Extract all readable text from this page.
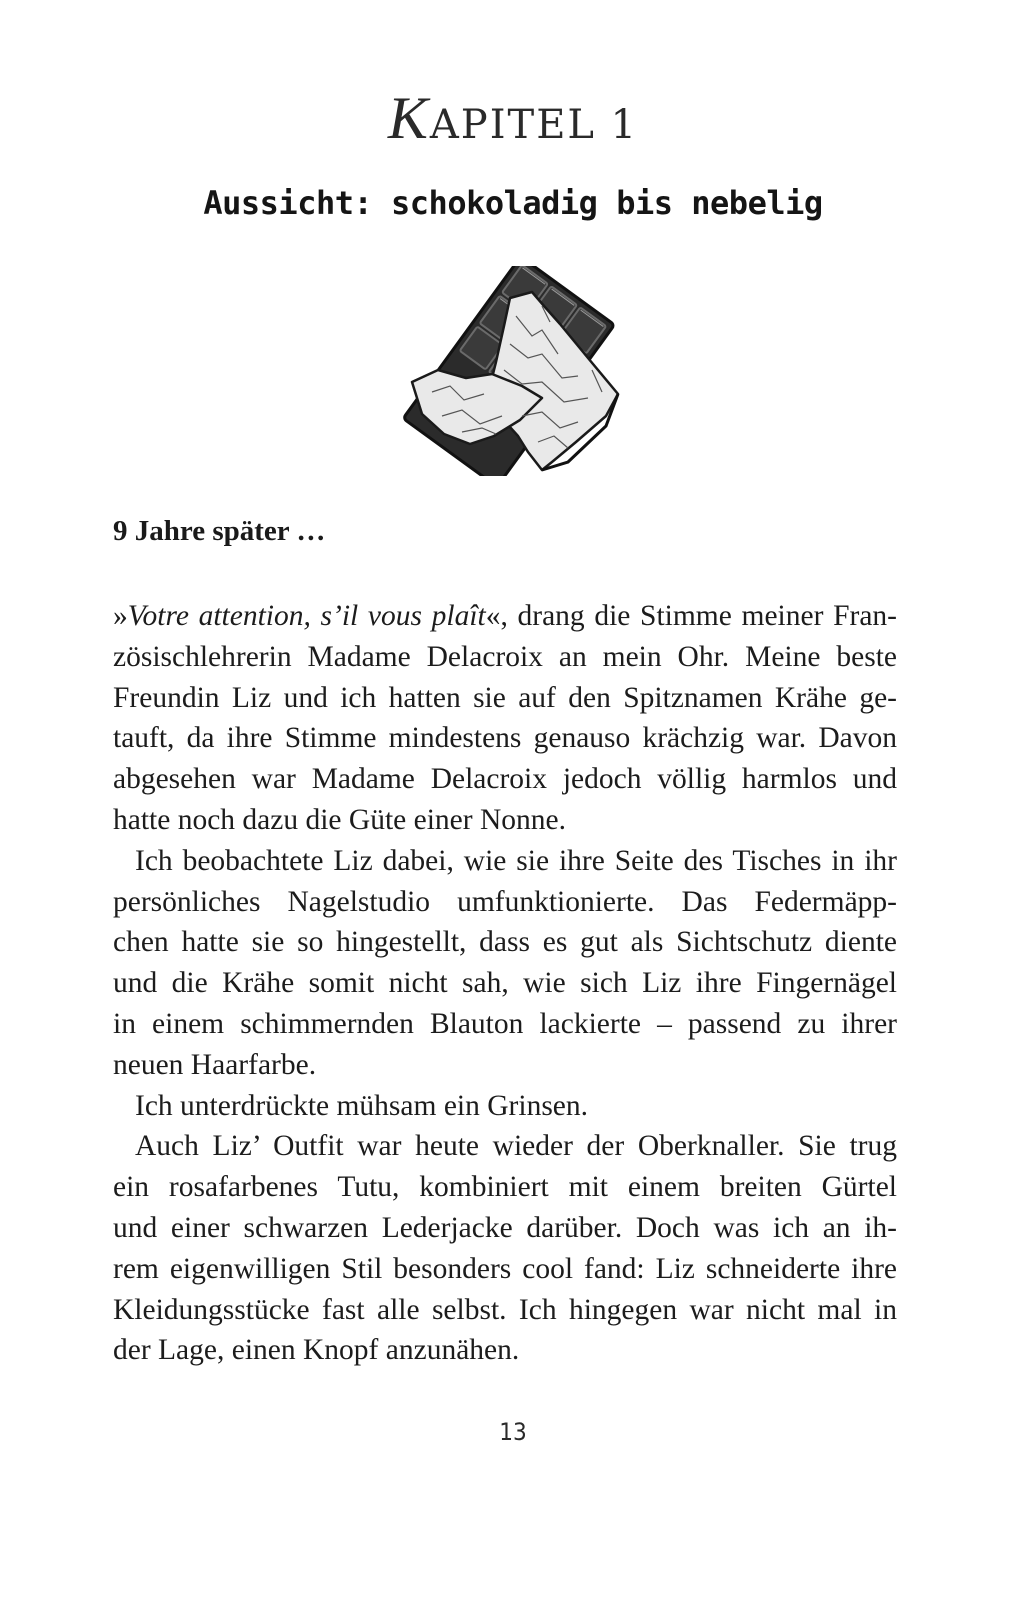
KAPITEL 1
Aussicht: schokoladig bis nebelig
9 Jahre später …
»Votre attention, s’il vous plaît«, drang die Stimme meiner Fran-
zösischlehrerin Madame Delacroix an mein Ohr. Meine beste
Freundin Liz und ich hatten sie auf den Spitznamen Krähe ge-
tauft, da ihre Stimme mindestens genauso krächzig war. Davon
abgesehen war Madame Delacroix jedoch völlig harmlos und
hatte noch dazu die Güte einer Nonne.
Ich beobachtete Liz dabei, wie sie ihre Seite des Tisches in ihr
persönliches Nagelstudio umfunktionierte. Das Federmäpp-
chen hatte sie so hingestellt, dass es gut als Sichtschutz diente
und die Krähe somit nicht sah, wie sich Liz ihre Fingernägel
in einem schimmernden Blauton lackierte – passend zu ihrer
neuen Haarfarbe.
Ich unterdrückte mühsam ein Grinsen.
Auch Liz’ Outfit war heute wieder der Oberknaller. Sie trug
ein rosafarbenes Tutu, kombiniert mit einem breiten Gürtel
und einer schwarzen Lederjacke darüber. Doch was ich an ih-
rem eigenwilligen Stil besonders cool fand: Liz schneiderte ihre
Kleidungsstücke fast alle selbst. Ich hingegen war nicht mal in
der Lage, einen Knopf anzunähen.
13
